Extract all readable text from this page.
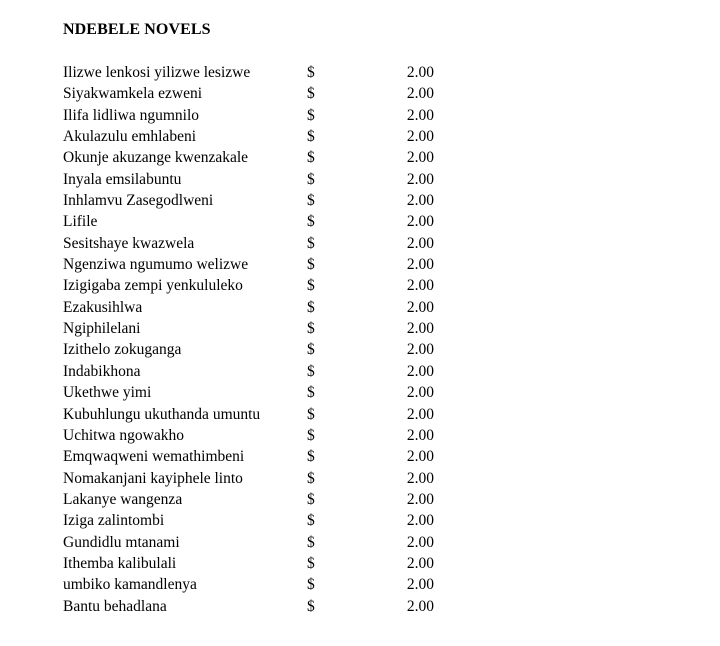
NDEBELE NOVELS
Ilizwe lenkosi yilizwe lesizwe	$	2.00
Siyakwamkela ezweni	$	2.00
Ilifa lidliwa ngumnilo	$	2.00
Akulazulu emhlabeni	$	2.00
Okunje akuzange kwenzakale	$	2.00
Inyala emsilabuntu	$	2.00
Inhlamvu Zasegodlweni	$	2.00
Lifile	$	2.00
Sesitshaye kwazwela	$	2.00
Ngenziwa ngumumo welizwe	$	2.00
Izigigaba zempi yenkululeko	$	2.00
Ezakusihlwa	$	2.00
Ngiphilelani	$	2.00
Izithelo zokuganga	$	2.00
Indabikhona	$	2.00
Ukethwe yimi	$	2.00
Kubuhlungu ukuthanda umuntu	$	2.00
Uchitwa ngowakho	$	2.00
Emqwaqweni wemathimbeni	$	2.00
Nomakanjani kayiphele linto	$	2.00
Lakanye wangenza	$	2.00
Iziga zalintombi	$	2.00
Gundidlu mtanami	$	2.00
Ithemba kalibulali	$	2.00
umbiko kamandlenya	$	2.00
Bantu behadlana	$	2.00
